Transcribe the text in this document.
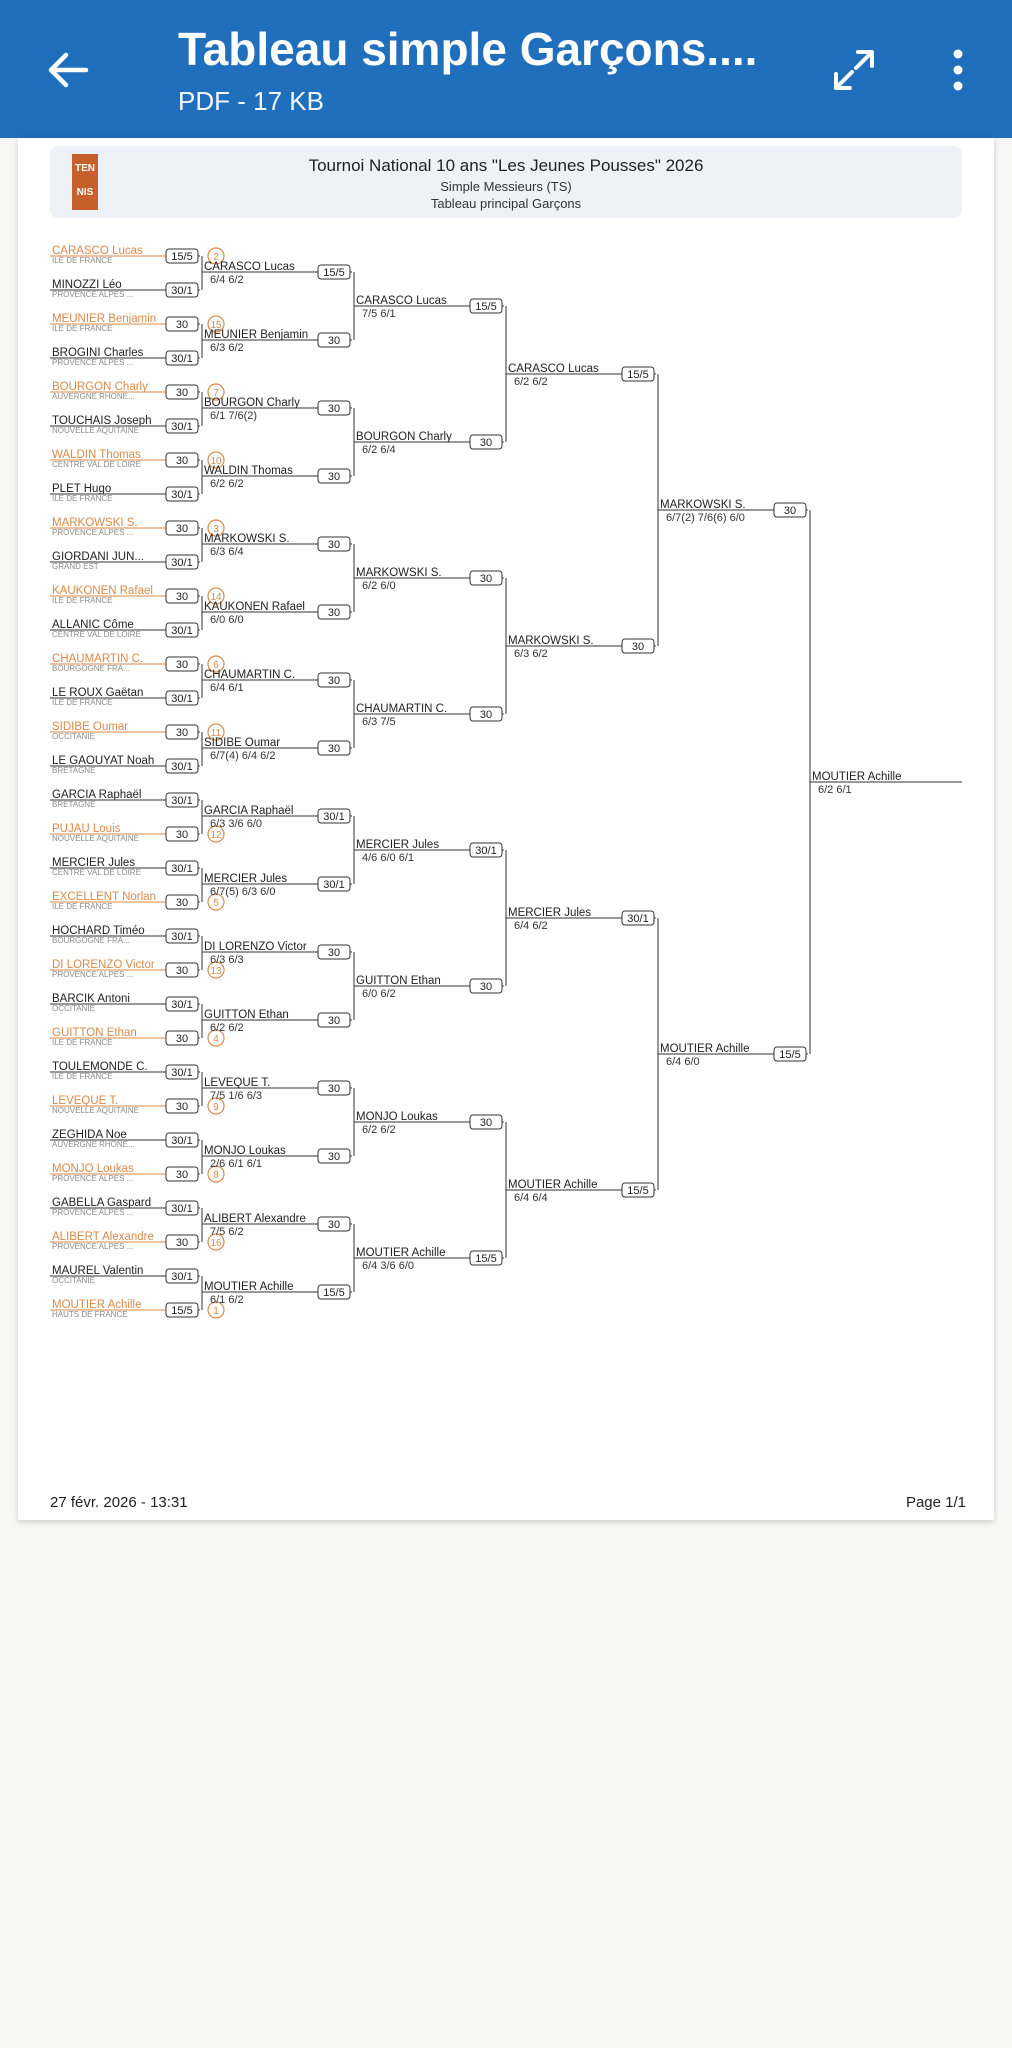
Tableau simple Garçons....
PDF - 17 KB
TEN
NIS
Tournoi National 10 ans "Les Jeunes Pousses" 2026
Simple Messieurs (TS)
Tableau principal Garçons
CARASCO Lucas
ILE DE FRANCE	15/5 2
MINOZZI Léo
PROVENCE ALPES ...	30/1
MEUNIER Benjamin
ILE DE FRANCE	30 15
BROGINI Charles
PROVENCE ALPES ...	30/1
BOURGON Charly
AUVERGNE RHONE...	30	7
TOUCHAIS Joseph
NOUVELLE AQUITAINE	30/1
WALDIN Thomas
CENTRE VAL DE LOIRE	30 10
PLET Hugo
ILE DE FRANCE	30/1
MARKOWSKI S.
PROVENCE ALPES ...	30	3
GIORDANI JUN...
GRAND EST	30/1
KAUKONEN Rafael
ILE DE FRANCE	30 14
ALLANIC Côme
CENTRE VAL DE LOIRE	30/1
CHAUMARTIN C.
BOURGOGNE FRA...	30	6
LE ROUX Gaëtan
ILE DE FRANCE	30/1
SIDIBE Oumar
OCCITANIE	30 11
LE GAOUYAT Noah
BRETAGNE	30/1
GARCIA Raphaël
BRETAGNE	30/1
PUJAU Louis
NOUVELLE AQUITAINE	30 12
MERCIER Jules
CENTRE VAL DE LOIRE	30/1
EXCELLENT Norlan
ILE DE FRANCE	30	5
HOCHARD Timéo
BOURGOGNE FRA...	30/1
DI LORENZO Victor
PROVENCE ALPES ...	30 13
BARCIK Antoni
OCCITANIE	30/1
GUITTON Ethan
ILE DE FRANCE	30	4
TOULEMONDE C.
ILE DE FRANCE	30/1
LEVEQUE T.
NOUVELLE AQUITAINE	30	9
ZEGHIDA Noe
AUVERGNE RHONE...	30/1
MONJO Loukas
PROVENCE ALPES ...	30	8
GABELLA Gaspard
PROVENCE ALPES ...	30/1
ALIBERT Alexandre
PROVENCE ALPES ...	30 16
MAUREL Valentin
OCCITANIE	30/1
MOUTIER Achille
HAUTS DE FRANCE	15/5 1
CARASCO Lucas
6/4 6/2
15/5
MEUNIER Benjamin
6/3 6/2
30
BOURGON Charly
6/1 7/6(2)
30
WALDIN Thomas
6/2 6/2
30
MARKOWSKI S.
6/3 6/4
30
KAUKONEN Rafael
6/0 6/0
30
CHAUMARTIN C.
6/4 6/1
30
SIDIBE Oumar
6/7(4) 6/4 6/2
30
GARCIA Raphaël
6/3 3/6 6/0
30/1
MERCIER Jules
6/7(5) 6/3 6/0
30/1
DI LORENZO Victor
6/3 6/3
30
GUITTON Ethan
6/2 6/2
30
LEVEQUE T.
7/5 1/6 6/3
30
MONJO Loukas
2/6 6/1 6/1
30
ALIBERT Alexandre
7/5 6/2
30
MOUTIER Achille
6/1 6/2
15/5
CARASCO Lucas
7/5 6/1
15/5
BOURGON Charly
6/2 6/4
30
MARKOWSKI S.
6/2 6/0
30
CHAUMARTIN C.
6/3 7/5
30
MERCIER Jules
4/6 6/0 6/1
30/1
GUITTON Ethan
6/0 6/2
30
MONJO Loukas
6/2 6/2
30
MOUTIER Achille
6/4 3/6 6/0
15/5
CARASCO Lucas
6/2 6/2
15/5
MARKOWSKI S.
6/3 6/2
30
MERCIER Jules
6/4 6/2
30/1
MOUTIER Achille
6/4 6/4
15/5
MARKOWSKI S.
6/7(2) 7/6(6) 6/0
30
MOUTIER Achille
6/4 6/0
15/5
MOUTIER Achille
6/2 6/1
27 févr. 2026 - 13:31	Page 1/1
